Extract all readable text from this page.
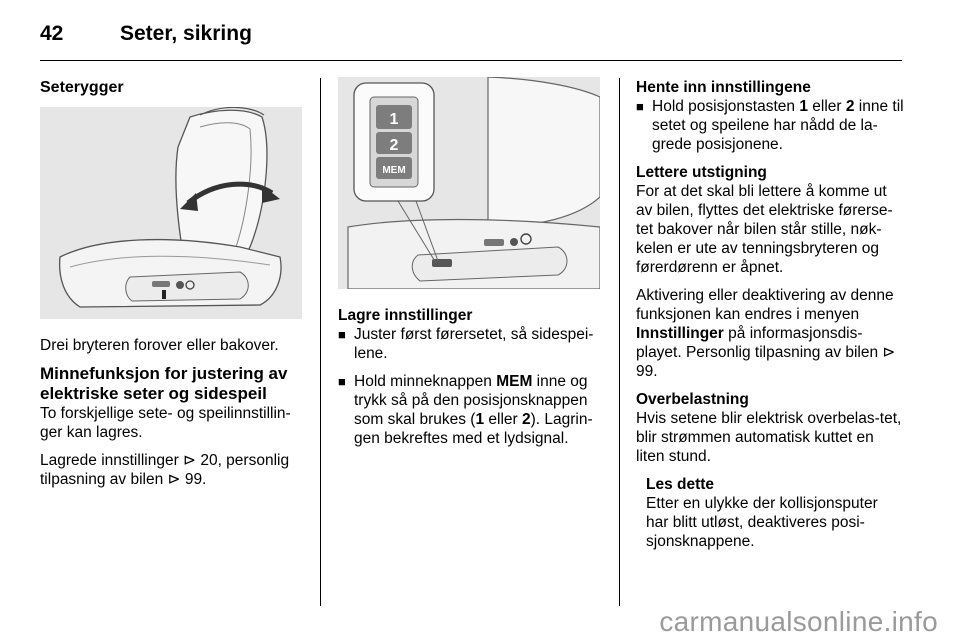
42	Seter, sikring
Seterygger

Drei bryteren forover eller bakover.

Minnefunksjon for justering av
elektriske seter og sidespeil

To forskjellige sete- og speilinnstillin-ger kan lagres.

Lagrede innstillinger ⊳ 20, personlig tilpasning av bilen ⊳ 99.

1
2
MEM
Lagre innstillinger
■ Juster først førersetet, så sidespei-lene.
■ Hold minneknappen MEM inne og trykk så på den posisjonsknappen som skal brukes (1 eller 2). Lagrin-gen bekreftes med et lydsignal.
Hente inn innstillingene
■ Hold posisjonstasten 1 eller 2 inne til setet og speilene har nådd de la-grede posisjonene.
Lettere utstigning

For at det skal bli lettere å komme ut av bilen, flyttes det elektriske førerse-tet bakover når bilen står stille, nøk-kelen er ute av tenningsbryteren og førerdørenn er åpnet.

Aktivering eller deaktivering av denne funksjonen kan endres i menyen Innstillinger på informasjonsdis-playet. Personlig tilpasning av bilen ⊳ 99.

Overbelastning

Hvis setene blir elektrisk overbelas-tet, blir strømmen automatisk kuttet en liten stund.

Les dette

Etter en ulykke der kollisjonsputer har blitt utløst, deaktiveres posi-sjonsknappene.

carmanualsonline.info
